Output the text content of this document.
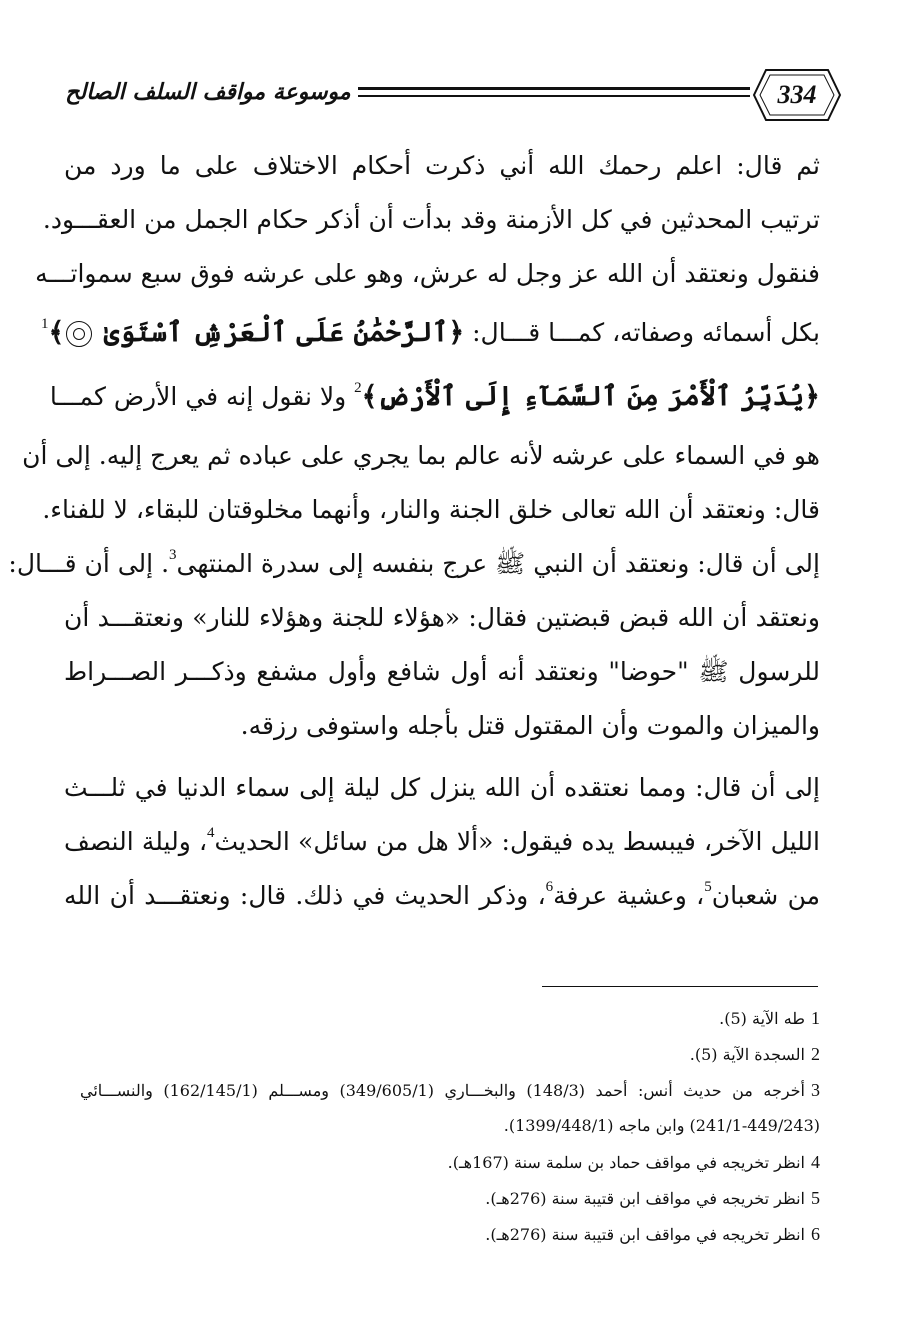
334
موسوعة مواقف السلف الصالح
ثم قال: اعلم رحمك الله أني ذكرت أحكام الاختلاف على ما ورد من
ترتيب المحدثين في كل الأزمنة وقد بدأت أن أذكر حكام الجمل من العقـــود.
فنقول ونعتقد أن الله عز وجل له عرش، وهو على عرشه فوق سبع سمواتـــه
بكل أسمائه وصفاته، كمـــا قـــال: ﴿ٱلرَّحْمَٰنُ عَلَى ٱلْعَرْشِ ٱسْتَوَىٰ ﴾$^1$
﴿يُدَبِّرُ ٱلْأَمْرَ مِنَ ٱلسَّمَآءِ إِلَى ٱلْأَرْضِ﴾$^2$ ولا نقول إنه في الأرض كمـــا
هو في السماء على عرشه لأنه عالم بما يجري على عباده ثم يعرج إليه. إلى أن
قال: ونعتقد أن الله تعالى خلق الجنة والنار، وأنهما مخلوقتان للبقاء، لا للفناء.
إلى أن قال: ونعتقد أن النبي ﷺ عرج بنفسه إلى سدرة المنتهى$^3$. إلى أن قـــال:
ونعتقد أن الله قبض قبضتين فقال: «هؤلاء للجنة وهؤلاء للنار» ونعتقـــد أن
للرسول ﷺ "حوضا" ونعتقد أنه أول شافع وأول مشفع وذكـــر الصـــراط
والميزان والموت وأن المقتول قتل بأجله واستوفى رزقه.
إلى أن قال: ومما نعتقده أن الله ينزل كل ليلة إلى سماء الدنيا في ثلـــث
الليل الآخر، فيبسط يده فيقول: «ألا هل من سائل» الحديث$^4$، وليلة النصف
من شعبان$^5$، وعشية عرفة$^6$، وذكر الحديث في ذلك. قال: ونعتقـــد أن الله
1طه الآية (5).
2السجدة الآية (5).
3أخرجه من حديث أنس: أحمد (148/3) والبخـــاري (349/605/1) ومســـلم (162/145/1) والنســـائي
(241/1-449/243) وابن ماجه (1399/448/1).
4انظر تخريجه في مواقف حماد بن سلمة سنة (167هـ).
5انظر تخريجه في مواقف ابن قتيبة سنة (276هـ).
6انظر تخريجه في مواقف ابن قتيبة سنة (276هـ).
